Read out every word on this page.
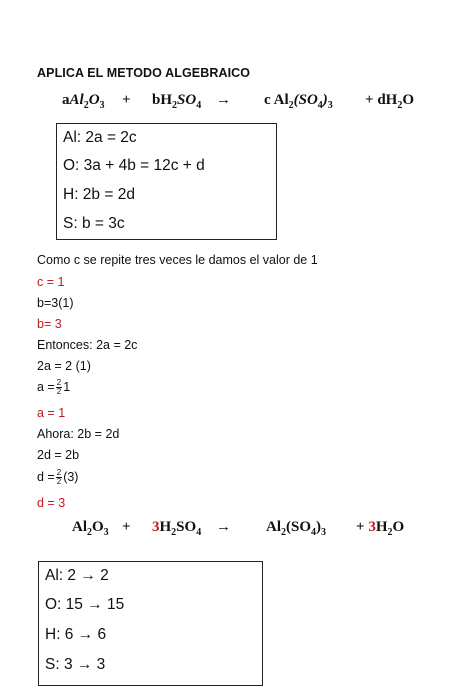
APLICA EL METODO ALGEBRAICO
$aAl_2O_3 + bH_2SO_4 \to c$ $Al_2(SO_4)_3 + dH_2O$
Al: 2a = 2c
O: 3a + 4b = 12c + d
H: 2b = 2d
S: b = 3c
Como c se repite tres veces le damos el valor de 1
c = 1
b=3(1)
b= 3
Entonces: 2a = 2c
2a = 2 (1)
$a = \frac{2}{2} 1$
a = 1
Ahora: 2b = 2d
2d = 2b
$d = \frac{2}{2} (3)$
d = 3
$Al_2O_3 + 3H_2SO_4 \to Al_2(SO_4)_3 + 3H_2O$
Al: 2 → 2
O: 15 → 15
H: 6 → 6
S: 3 → 3
